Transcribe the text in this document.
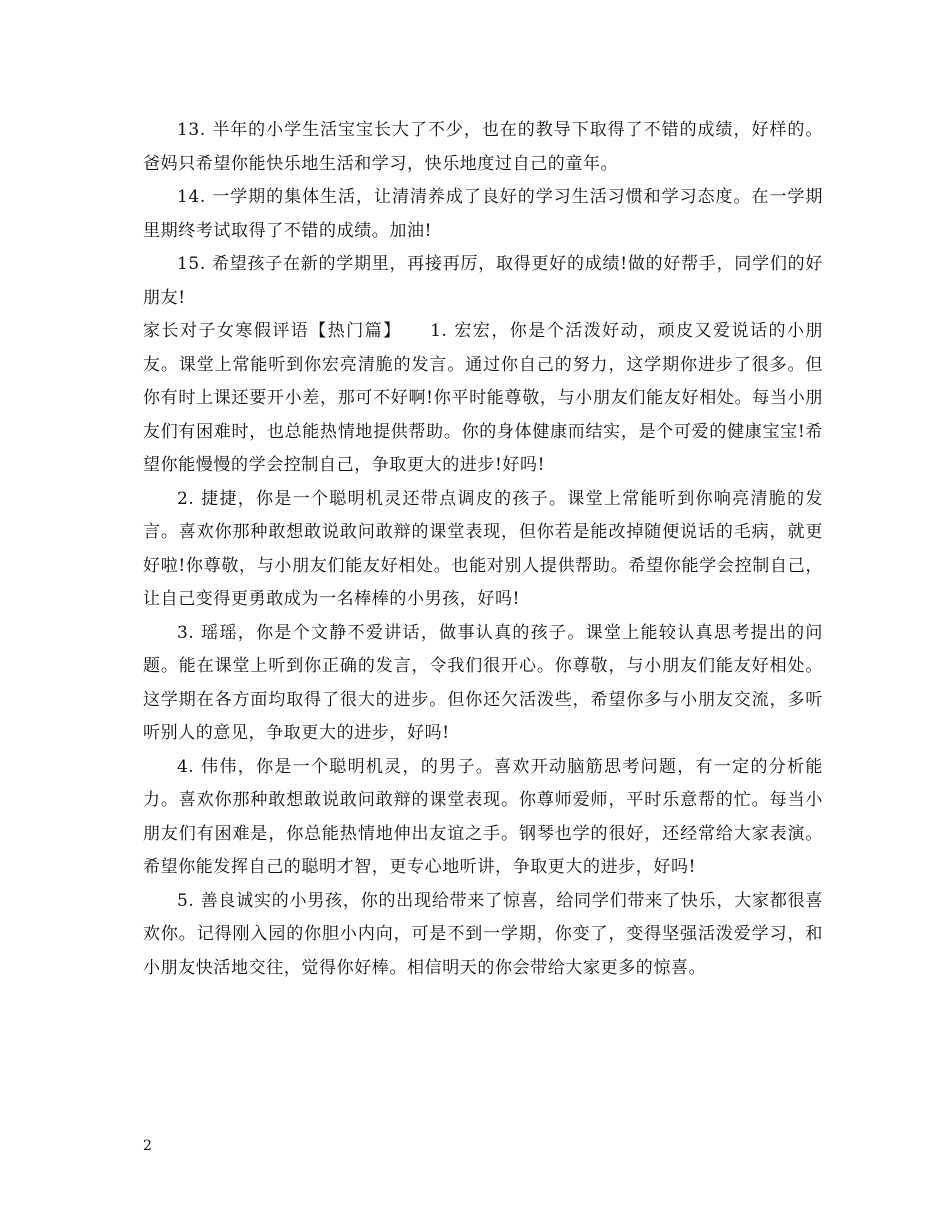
13. 半年的小学生活宝宝长大了不少，也在的教导下取得了不错的成绩，好样的。爸妈只希望你能快乐地生活和学习，快乐地度过自己的童年。

14. 一学期的集体生活，让清清养成了良好的学习生活习惯和学习态度。在一学期里期终考试取得了不错的成绩。加油!

15. 希望孩子在新的学期里，再接再厉，取得更好的成绩!做的好帮手，同学们的好朋友!

家长对子女寒假评语【热门篇】　　1. 宏宏，你是个活泼好动，顽皮又爱说话的小朋友。课堂上常能听到你宏亮清脆的发言。通过你自己的努力，这学期你进步了很多。但你有时上课还要开小差，那可不好啊!你平时能尊敬，与小朋友们能友好相处。每当小朋友们有困难时，也总能热情地提供帮助。你的身体健康而结实，是个可爱的健康宝宝!希望你能慢慢的学会控制自己，争取更大的进步!好吗!

2. 捷捷，你是一个聪明机灵还带点调皮的孩子。课堂上常能听到你响亮清脆的发言。喜欢你那种敢想敢说敢问敢辩的课堂表现，但你若是能改掉随便说话的毛病，就更好啦!你尊敬，与小朋友们能友好相处。也能对别人提供帮助。希望你能学会控制自己，让自己变得更勇敢成为一名棒棒的小男孩，好吗!

3. 瑶瑶，你是个文静不爱讲话，做事认真的孩子。课堂上能较认真思考提出的问题。能在课堂上听到你正确的发言，令我们很开心。你尊敬，与小朋友们能友好相处。这学期在各方面均取得了很大的进步。但你还欠活泼些，希望你多与小朋友交流，多听听别人的意见，争取更大的进步，好吗!

4. 伟伟，你是一个聪明机灵，的男子。喜欢开动脑筋思考问题，有一定的分析能力。喜欢你那种敢想敢说敢问敢辩的课堂表现。你尊师爱师，平时乐意帮的忙。每当小朋友们有困难是，你总能热情地伸出友谊之手。钢琴也学的很好，还经常给大家表演。希望你能发挥自己的聪明才智，更专心地听讲，争取更大的进步，好吗!

5. 善良诚实的小男孩，你的出现给带来了惊喜，给同学们带来了快乐，大家都很喜欢你。记得刚入园的你胆小内向，可是不到一学期，你变了，变得坚强活泼爱学习，和小朋友快活地交往，觉得你好棒。相信明天的你会带给大家更多的惊喜。

2
